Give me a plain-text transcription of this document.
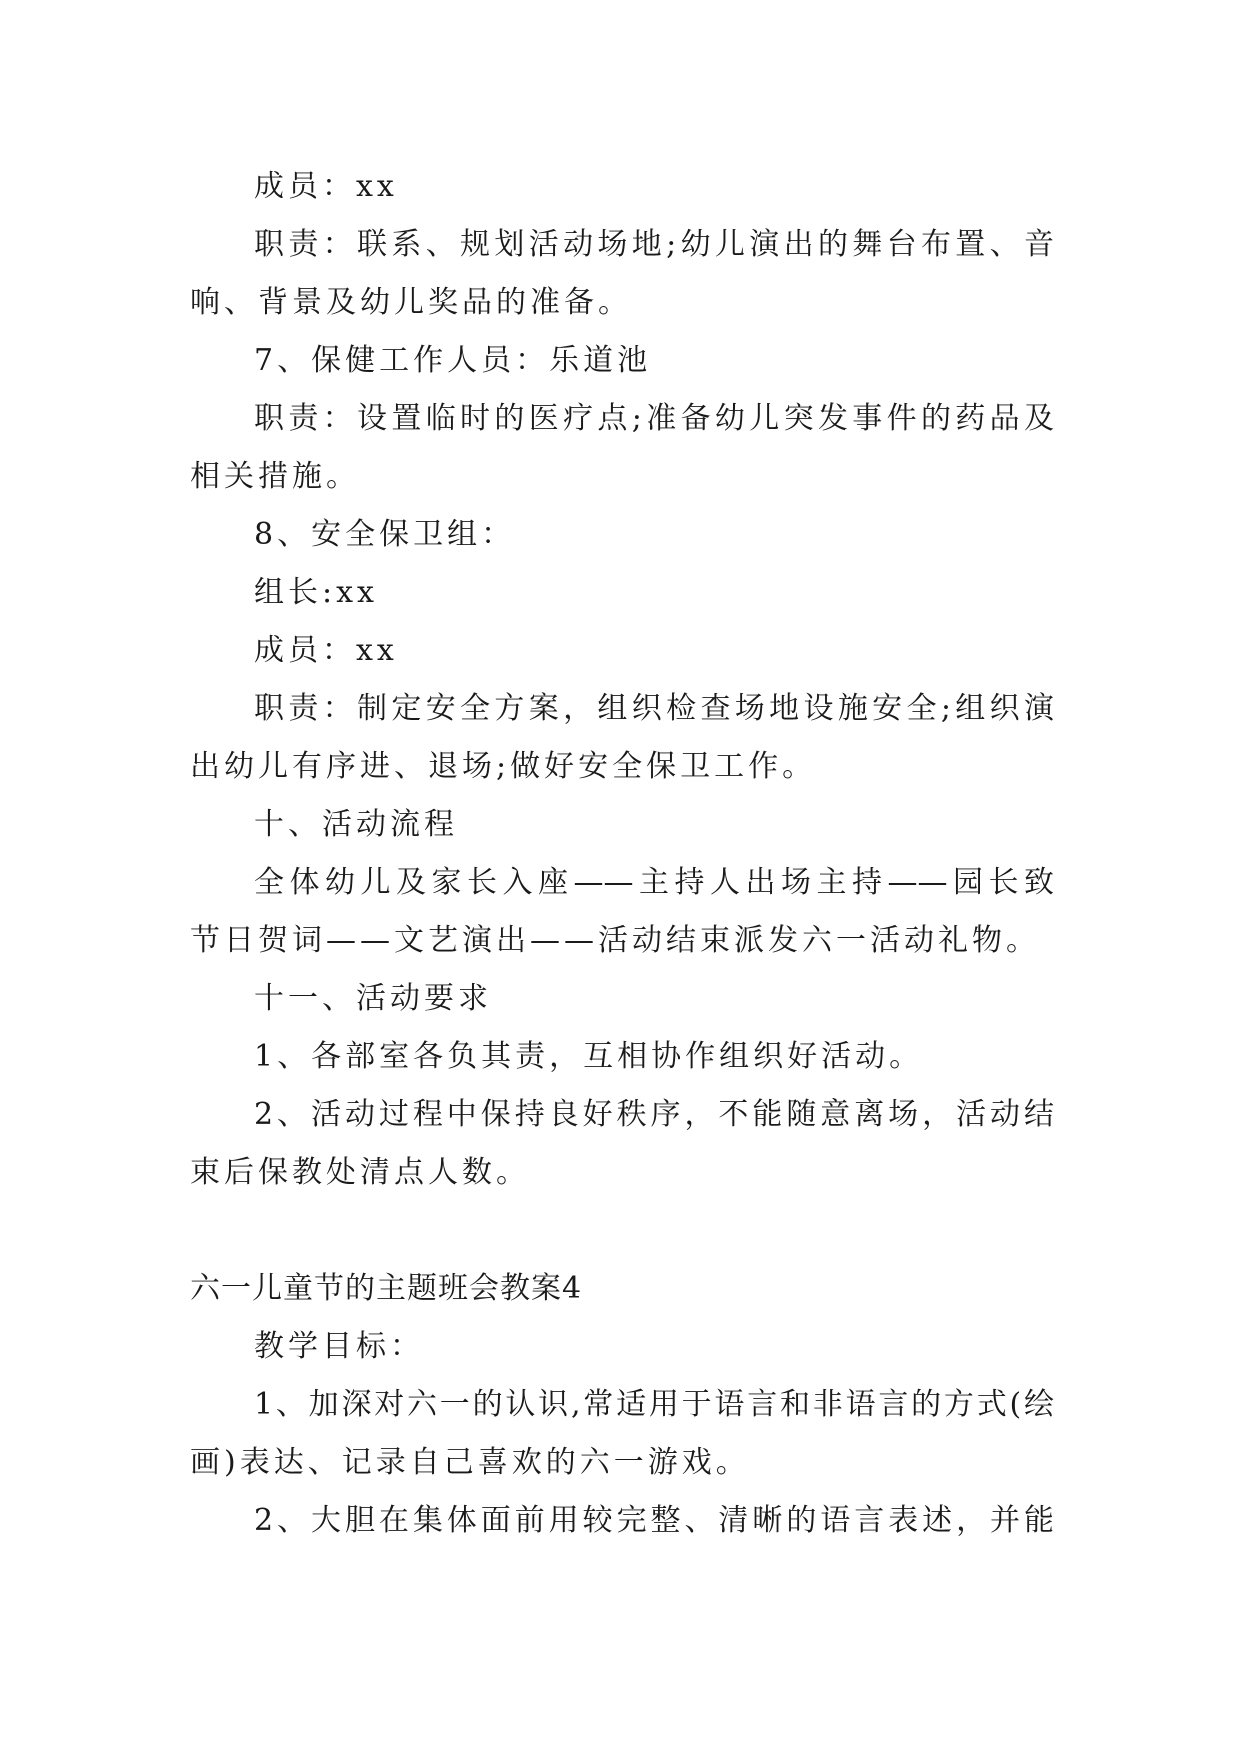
成员：xx
职责：联系、规划活动场地;幼儿演出的舞台布置、音
响、背景及幼儿奖品的准备。
7、保健工作人员：乐道池
职责：设置临时的医疗点;准备幼儿突发事件的药品及
相关措施。
8、安全保卫组：
组长:xx
成员：xx
职责：制定安全方案，组织检查场地设施安全;组织演
出幼儿有序进、退场;做好安全保卫工作。
十、活动流程
全体幼儿及家长入座——主持人出场主持——园长致
节日贺词——文艺演出——活动结束派发六一活动礼物。
十一、活动要求
1、各部室各负其责，互相协作组织好活动。
2、活动过程中保持良好秩序，不能随意离场，活动结
束后保教处清点人数。
六一儿童节的主题班会教案4
教学目标：
1、加深对六一的认识,常适用于语言和非语言的方式(绘
画)表达、记录自己喜欢的六一游戏。
2、大胆在集体面前用较完整、清晰的语言表述，并能
